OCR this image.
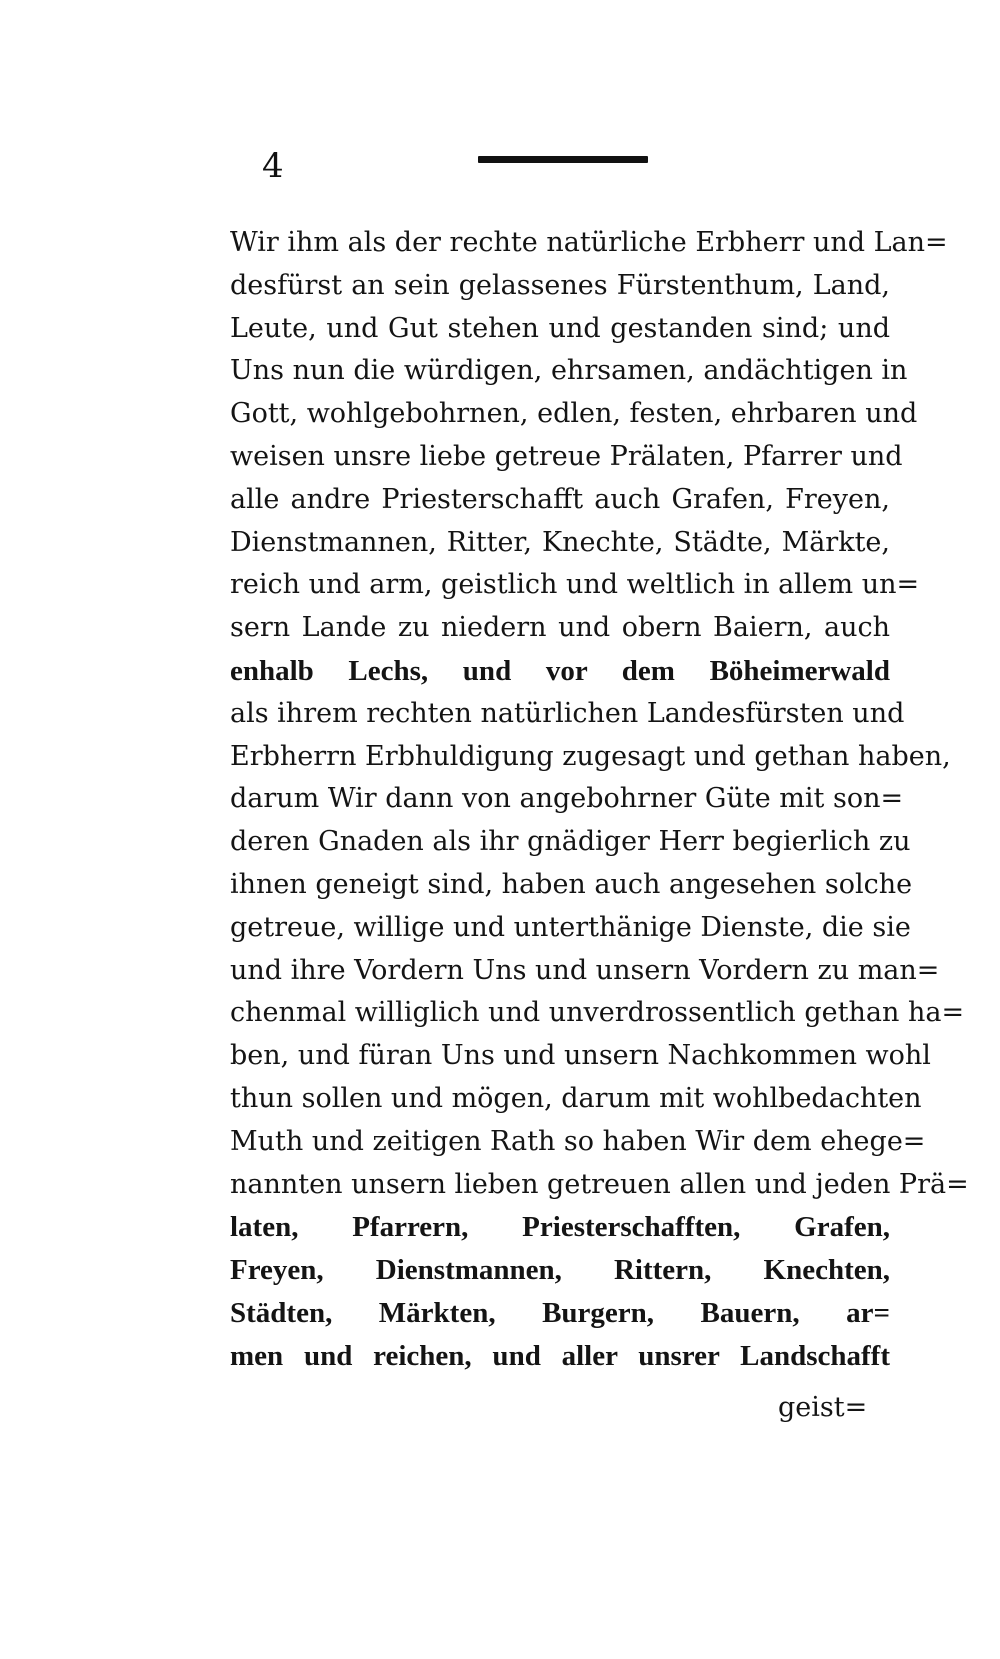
4
Wir ihm als der rechte natürliche Erbherr und Lan=
desfürst an sein gelassenes Fürstenthum, Land,
Leute, und Gut stehen und gestanden sind; und
Uns nun die würdigen, ehrsamen, andächtigen in
Gott, wohlgebohrnen, edlen, festen, ehrbaren und
weisen unsre liebe getreue Prälaten, Pfarrer und
alle andre Priesterschafft auch Grafen, Freyen,
Dienstmannen, Ritter, Knechte, Städte, Märkte,
reich und arm, geistlich und weltlich in allem un=
sern Lande zu niedern und obern Baiern, auch
enhalb Lechs, und vor dem Böheimerwald
als ihrem rechten natürlichen Landesfürsten und
Erbherrn Erbhuldigung zugesagt und gethan haben,
darum Wir dann von angebohrner Güte mit son=
deren Gnaden als ihr gnädiger Herr begierlich zu
ihnen geneigt sind, haben auch angesehen solche
getreue, willige und unterthänige Dienste, die sie
und ihre Vordern Uns und unsern Vordern zu man=
chenmal williglich und unverdrossentlich gethan ha=
ben, und füran Uns und unsern Nachkommen wohl
thun sollen und mögen, darum mit wohlbedachten
Muth und zeitigen Rath so haben Wir dem ehege=
nannten unsern lieben getreuen allen und jeden Prä=
laten, Pfarrern, Priesterschafften, Grafen,
Freyen, Dienstmannen, Rittern, Knechten,
Städten, Märkten, Burgern, Bauern, ar=
men und reichen, und aller unsrer Landschafft
geist=
